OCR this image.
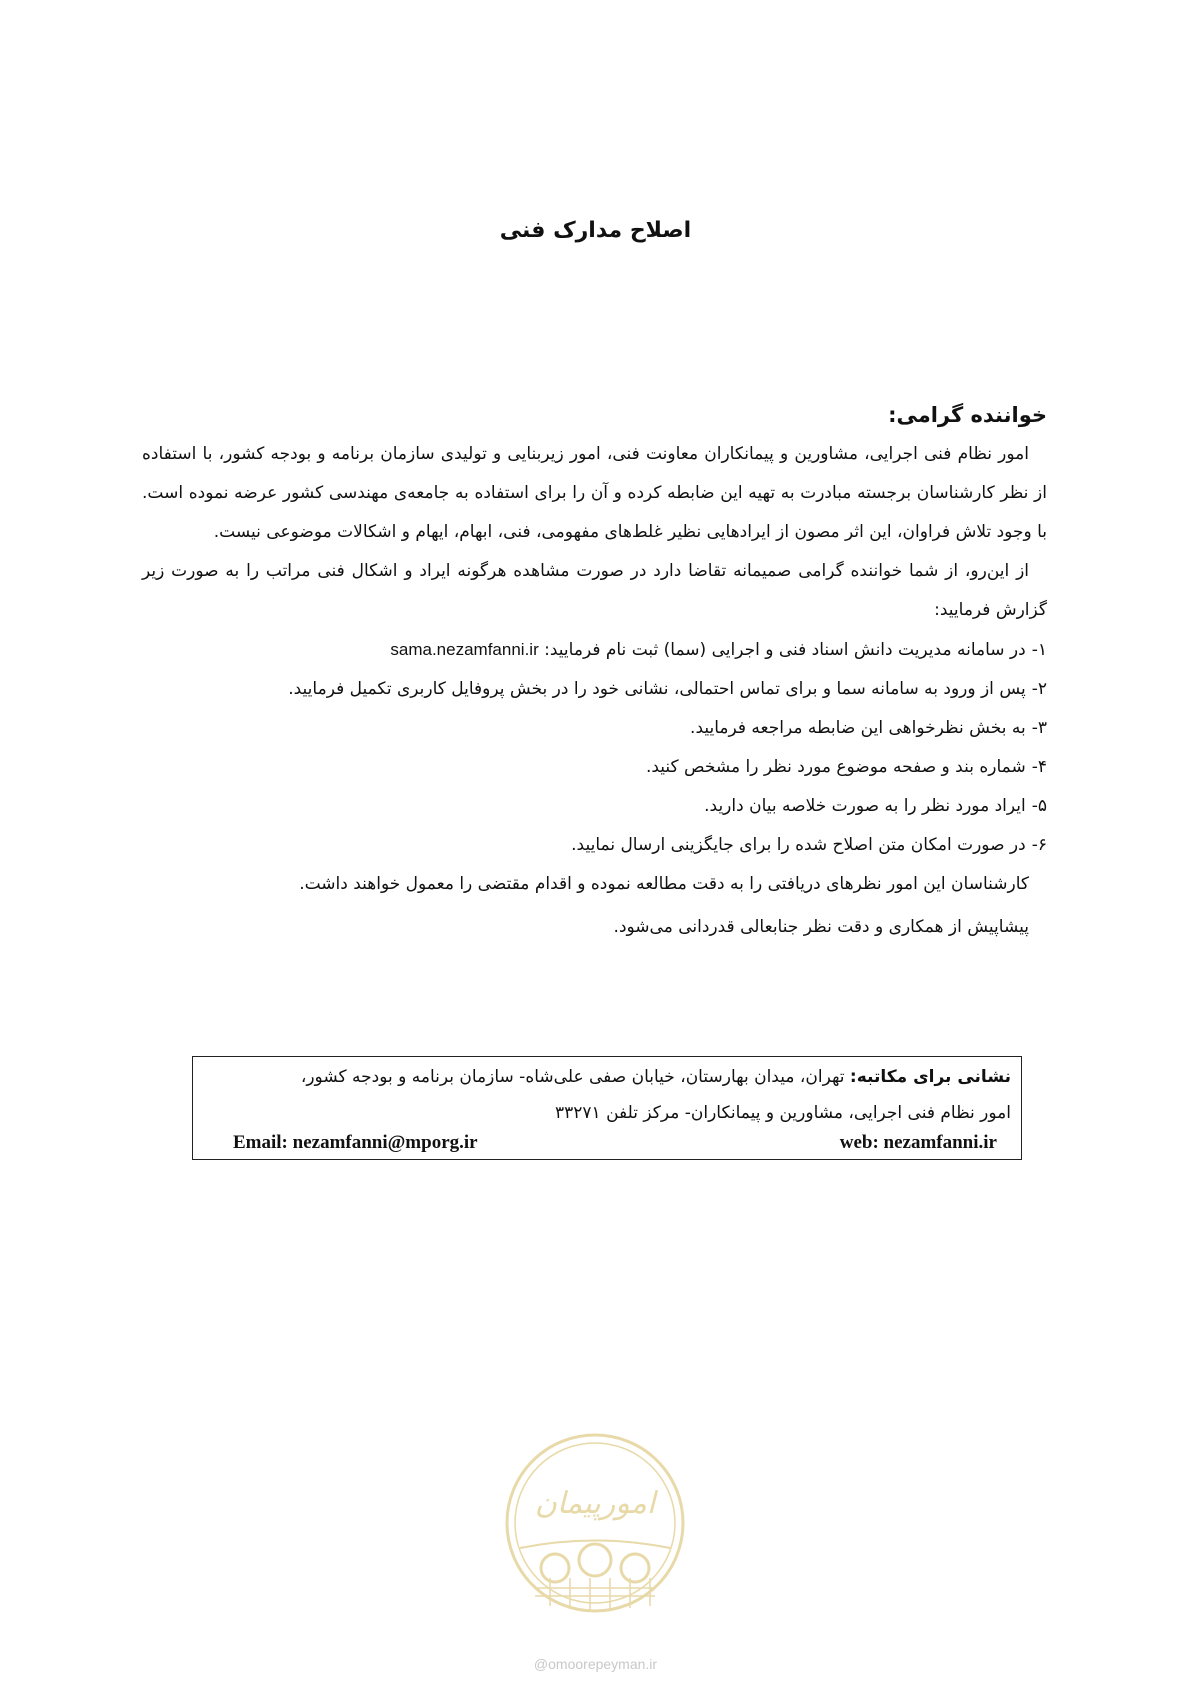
اصلاح مدارک فنی

خواننده گرامی:

امور نظام فنی اجرایی، مشاورین و پیمانکاران معاونت فنی، امور زیربنایی و تولیدی سازمان برنامه و بودجه کشور، با استفاده از نظر کارشناسان برجسته مبادرت به تهیه این ضابطه کرده و آن را برای استفاده به جامعه‌ی مهندسی کشور عرضه نموده است. با وجود تلاش فراوان، این اثر مصون از ایرادهایی نظیر غلط‌های مفهومی، فنی، ابهام، ایهام و اشکالات موضوعی نیست.

از این‌رو، از شما خواننده گرامی صمیمانه تقاضا دارد در صورت مشاهده هرگونه ایراد و اشکال فنی مراتب را به صورت زیر گزارش فرمایید:

۱-در سامانه مدیریت دانش اسناد فنی و اجرایی (سما) ثبت نام فرمایید: sama.nezamfanni.ir
۲-پس از ورود به سامانه سما و برای تماس احتمالی، نشانی خود را در بخش پروفایل کاربری تکمیل فرمایید.
۳-به بخش نظرخواهی این ضابطه مراجعه فرمایید.
۴-شماره بند و صفحه موضوع مورد نظر را مشخص کنید.
۵-ایراد مورد نظر را به صورت خلاصه بیان دارید.
۶-در صورت امکان متن اصلاح شده را برای جایگزینی ارسال نمایید.

کارشناسان این امور نظرهای دریافتی را به دقت مطالعه نموده و اقدام مقتضی را معمول خواهند داشت.

پیشاپیش از همکاری و دقت نظر جنابعالی قدردانی می‌شود.

نشانی برای مکاتبه: تهران، میدان بهارستان، خیابان صفی علی‌شاه- سازمان برنامه و بودجه کشور،

امور نظام فنی اجرایی، مشاورین و پیمانکاران- مرکز تلفن ۳۳۲۷۱

Email: nezamfanni@mporg.ir	web: nezamfanni.ir
امورپیمان
@omoorepeyman.ir
